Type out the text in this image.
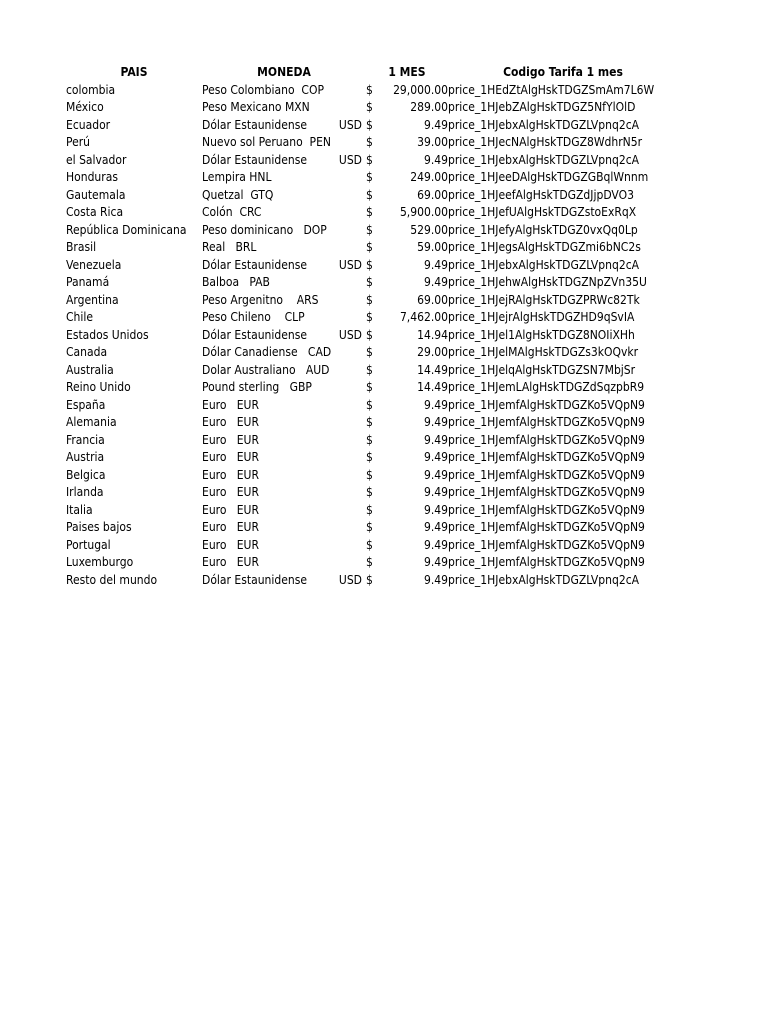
PAIS	MONEDA	1 MES		Codigo Tarifa 1 mes
colombia	Peso Colombiano  COP	$	29,000.00	price_1HEdZtAlgHskTDGZSmAm7L6W
México	Peso Mexicano MXN	$	289.00	price_1HJebZAlgHskTDGZ5NfYlOlD
Ecuador	Dólar Estaunidense USD	$	9.49	price_1HJebxAlgHskTDGZLVpnq2cA
Perú	Nuevo sol Peruano  PEN	$	39.00	price_1HJecNAlgHskTDGZ8WdhrN5r
el Salvador	Dólar Estaunidense USD	$	9.49	price_1HJebxAlgHskTDGZLVpnq2cA
Honduras	Lempira HNL	$	249.00	price_1HJeeDAlgHskTDGZGBqlWnnm
Gautemala	Quetzal  GTQ	$	69.00	price_1HJeefAlgHskTDGZdJjpDVO3
Costa Rica	Colón  CRC	$	5,900.00	price_1HJefUAlgHskTDGZstoExRqX
República Dominicana	Peso dominicano   DOP	$	529.00	price_1HJefyAlgHskTDGZ0vxQq0Lp
Brasil	Real   BRL	$	59.00	price_1HJegsAlgHskTDGZmi6bNC2s
Venezuela	Dólar Estaunidense USD	$	9.49	price_1HJebxAlgHskTDGZLVpnq2cA
Panamá	Balboa   PAB	$	9.49	price_1HJehwAlgHskTDGZNpZVn35U
Argentina	Peso Argenitno    ARS	$	69.00	price_1HJejRAlgHskTDGZPRWc82Tk
Chile	Peso Chileno    CLP	$	7,462.00	price_1HJejrAlgHskTDGZHD9qSvIA
Estados Unidos	Dólar Estaunidense USD	$	14.94	price_1HJel1AlgHskTDGZ8NOIiXHh
Canada	Dólar Canadiense   CAD	$	29.00	price_1HJelMAlgHskTDGZs3kOQvkr
Australia	Dolar Australiano   AUD	$	14.49	price_1HJelqAlgHskTDGZSN7MbjSr
Reino Unido	Pound sterling   GBP	$	14.49	price_1HJemLAlgHskTDGZdSqzpbR9
España	Euro   EUR	$	9.49	price_1HJemfAlgHskTDGZKo5VQpN9
Alemania	Euro   EUR	$	9.49	price_1HJemfAlgHskTDGZKo5VQpN9
Francia	Euro   EUR	$	9.49	price_1HJemfAlgHskTDGZKo5VQpN9
Austria	Euro   EUR	$	9.49	price_1HJemfAlgHskTDGZKo5VQpN9
Belgica	Euro   EUR	$	9.49	price_1HJemfAlgHskTDGZKo5VQpN9
Irlanda	Euro   EUR	$	9.49	price_1HJemfAlgHskTDGZKo5VQpN9
Italia	Euro   EUR	$	9.49	price_1HJemfAlgHskTDGZKo5VQpN9
Paises bajos	Euro   EUR	$	9.49	price_1HJemfAlgHskTDGZKo5VQpN9
Portugal	Euro   EUR	$	9.49	price_1HJemfAlgHskTDGZKo5VQpN9
Luxemburgo	Euro   EUR	$	9.49	price_1HJemfAlgHskTDGZKo5VQpN9
Resto del mundo	Dólar Estaunidense USD	$	9.49	price_1HJebxAlgHskTDGZLVpnq2cA
